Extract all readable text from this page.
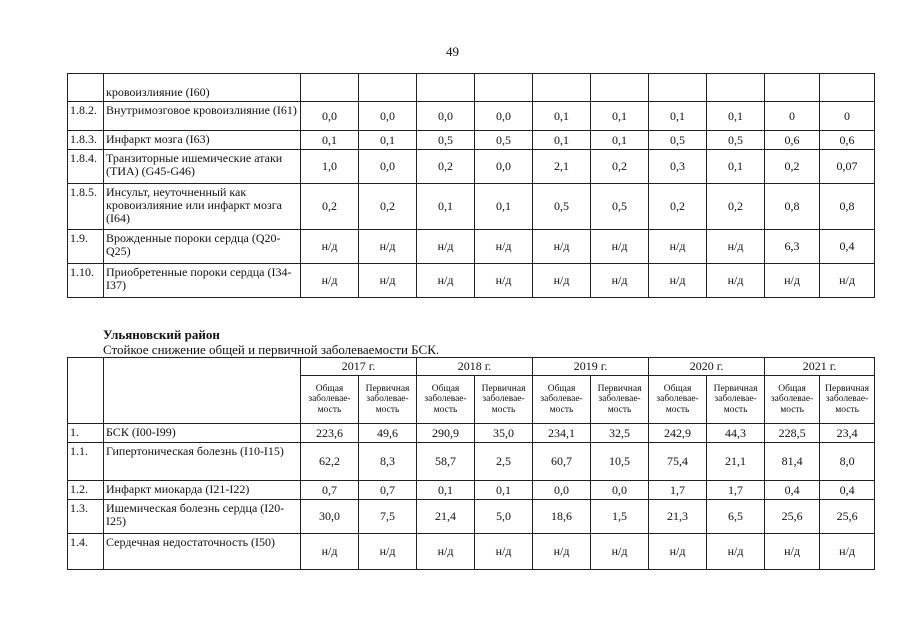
49
	кровоизлияние (I60)										
1.8.2.	Внутримозговое кровоизлияние (I61)	0,0	0,0	0,0	0,0	0,1	0,1	0,1	0,1	0	0
1.8.3.	Инфаркт мозга (I63)	0,1	0,1	0,5	0,5	0,1	0,1	0,5	0,5	0,6	0,6
1.8.4.	Транзиторные ишемические атаки (ТИА) (G45-G46)	1,0	0,0	0,2	0,0	2,1	0,2	0,3	0,1	0,2	0,07
1.8.5.	Инсульт, неуточненный как кровоизлияние или инфаркт мозга (I64)	0,2	0,2	0,1	0,1	0,5	0,5	0,2	0,2	0,8	0,8
1.9.	Врожденные пороки сердца (Q20-Q25)	н/д	н/д	н/д	н/д	н/д	н/д	н/д	н/д	6,3	0,4
1.10.	Приобретенные пороки сердца (I34-I37)	н/д	н/д	н/д	н/д	н/д	н/д	н/д	н/д	н/д	н/д
Ульяновский район
Стойкое снижение общей и первичной заболеваемости БСК.
		2017 г.		2018 г.		2019 г.		2020 г.		2021 г.	
		Общая заболевае-мость	Первичная заболевае-мость	Общая заболевае-мость	Первичная заболевае-мость	Общая заболевае-мость	Первичная заболевае-мость	Общая заболевае-мость	Первичная заболевае-мость	Общая заболевае-мость	Первичная заболевае-мость
1.	БСК (I00-I99)	223,6	49,6	290,9	35,0	234,1	32,5	242,9	44,3	228,5	23,4
1.1.	Гипертоническая болезнь (I10-I15)	62,2	8,3	58,7	2,5	60,7	10,5	75,4	21,1	81,4	8,0
1.2.	Инфаркт миокарда (I21-I22)	0,7	0,7	0,1	0,1	0,0	0,0	1,7	1,7	0,4	0,4
1.3.	Ишемическая болезнь сердца (I20-I25)	30,0	7,5	21,4	5,0	18,6	1,5	21,3	6,5	25,6	25,6
1.4.	Сердечная недостаточность (I50)	н/д	н/д	н/д	н/д	н/д	н/д	н/д	н/д	н/д	н/д
